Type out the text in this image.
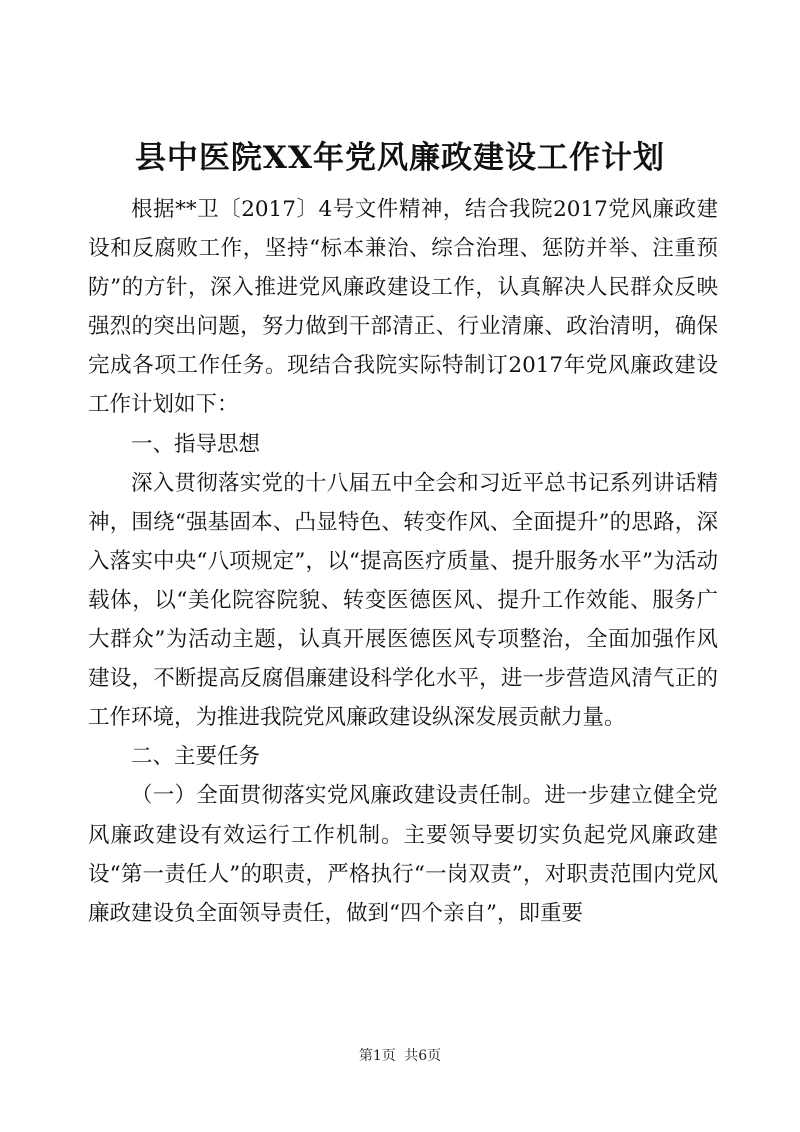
县中医院XX年党风廉政建设工作计划

根据**卫〔2017〕4号文件精神，结合我院2017党风廉政建设和反腐败工作，坚持“标本兼治、综合治理、惩防并举、注重预防”的方针，深入推进党风廉政建设工作，认真解决人民群众反映强烈的突出问题，努力做到干部清正、行业清廉、政治清明，确保完成各项工作任务。现结合我院实际特制订2017年党风廉政建设工作计划如下：

一、指导思想

深入贯彻落实党的十八届五中全会和习近平总书记系列讲话精神，围绕“强基固本、凸显特色、转变作风、全面提升”的思路，深入落实中央“八项规定”，以“提高医疗质量、提升服务水平”为活动载体，以“美化院容院貌、转变医德医风、提升工作效能、服务广大群众”为活动主题，认真开展医德医风专项整治，全面加强作风建设，不断提高反腐倡廉建设科学化水平，进一步营造风清气正的工作环境，为推进我院党风廉政建设纵深发展贡献力量。

二、主要任务

（一）全面贯彻落实党风廉政建设责任制。进一步建立健全党风廉政建设有效运行工作机制。主要领导要切实负起党风廉政建设“第一责任人”的职责，严格执行“一岗双责”，对职责范围内党风廉政建设负全面领导责任，做到“四个亲自”，即重要

第1页 共6页
